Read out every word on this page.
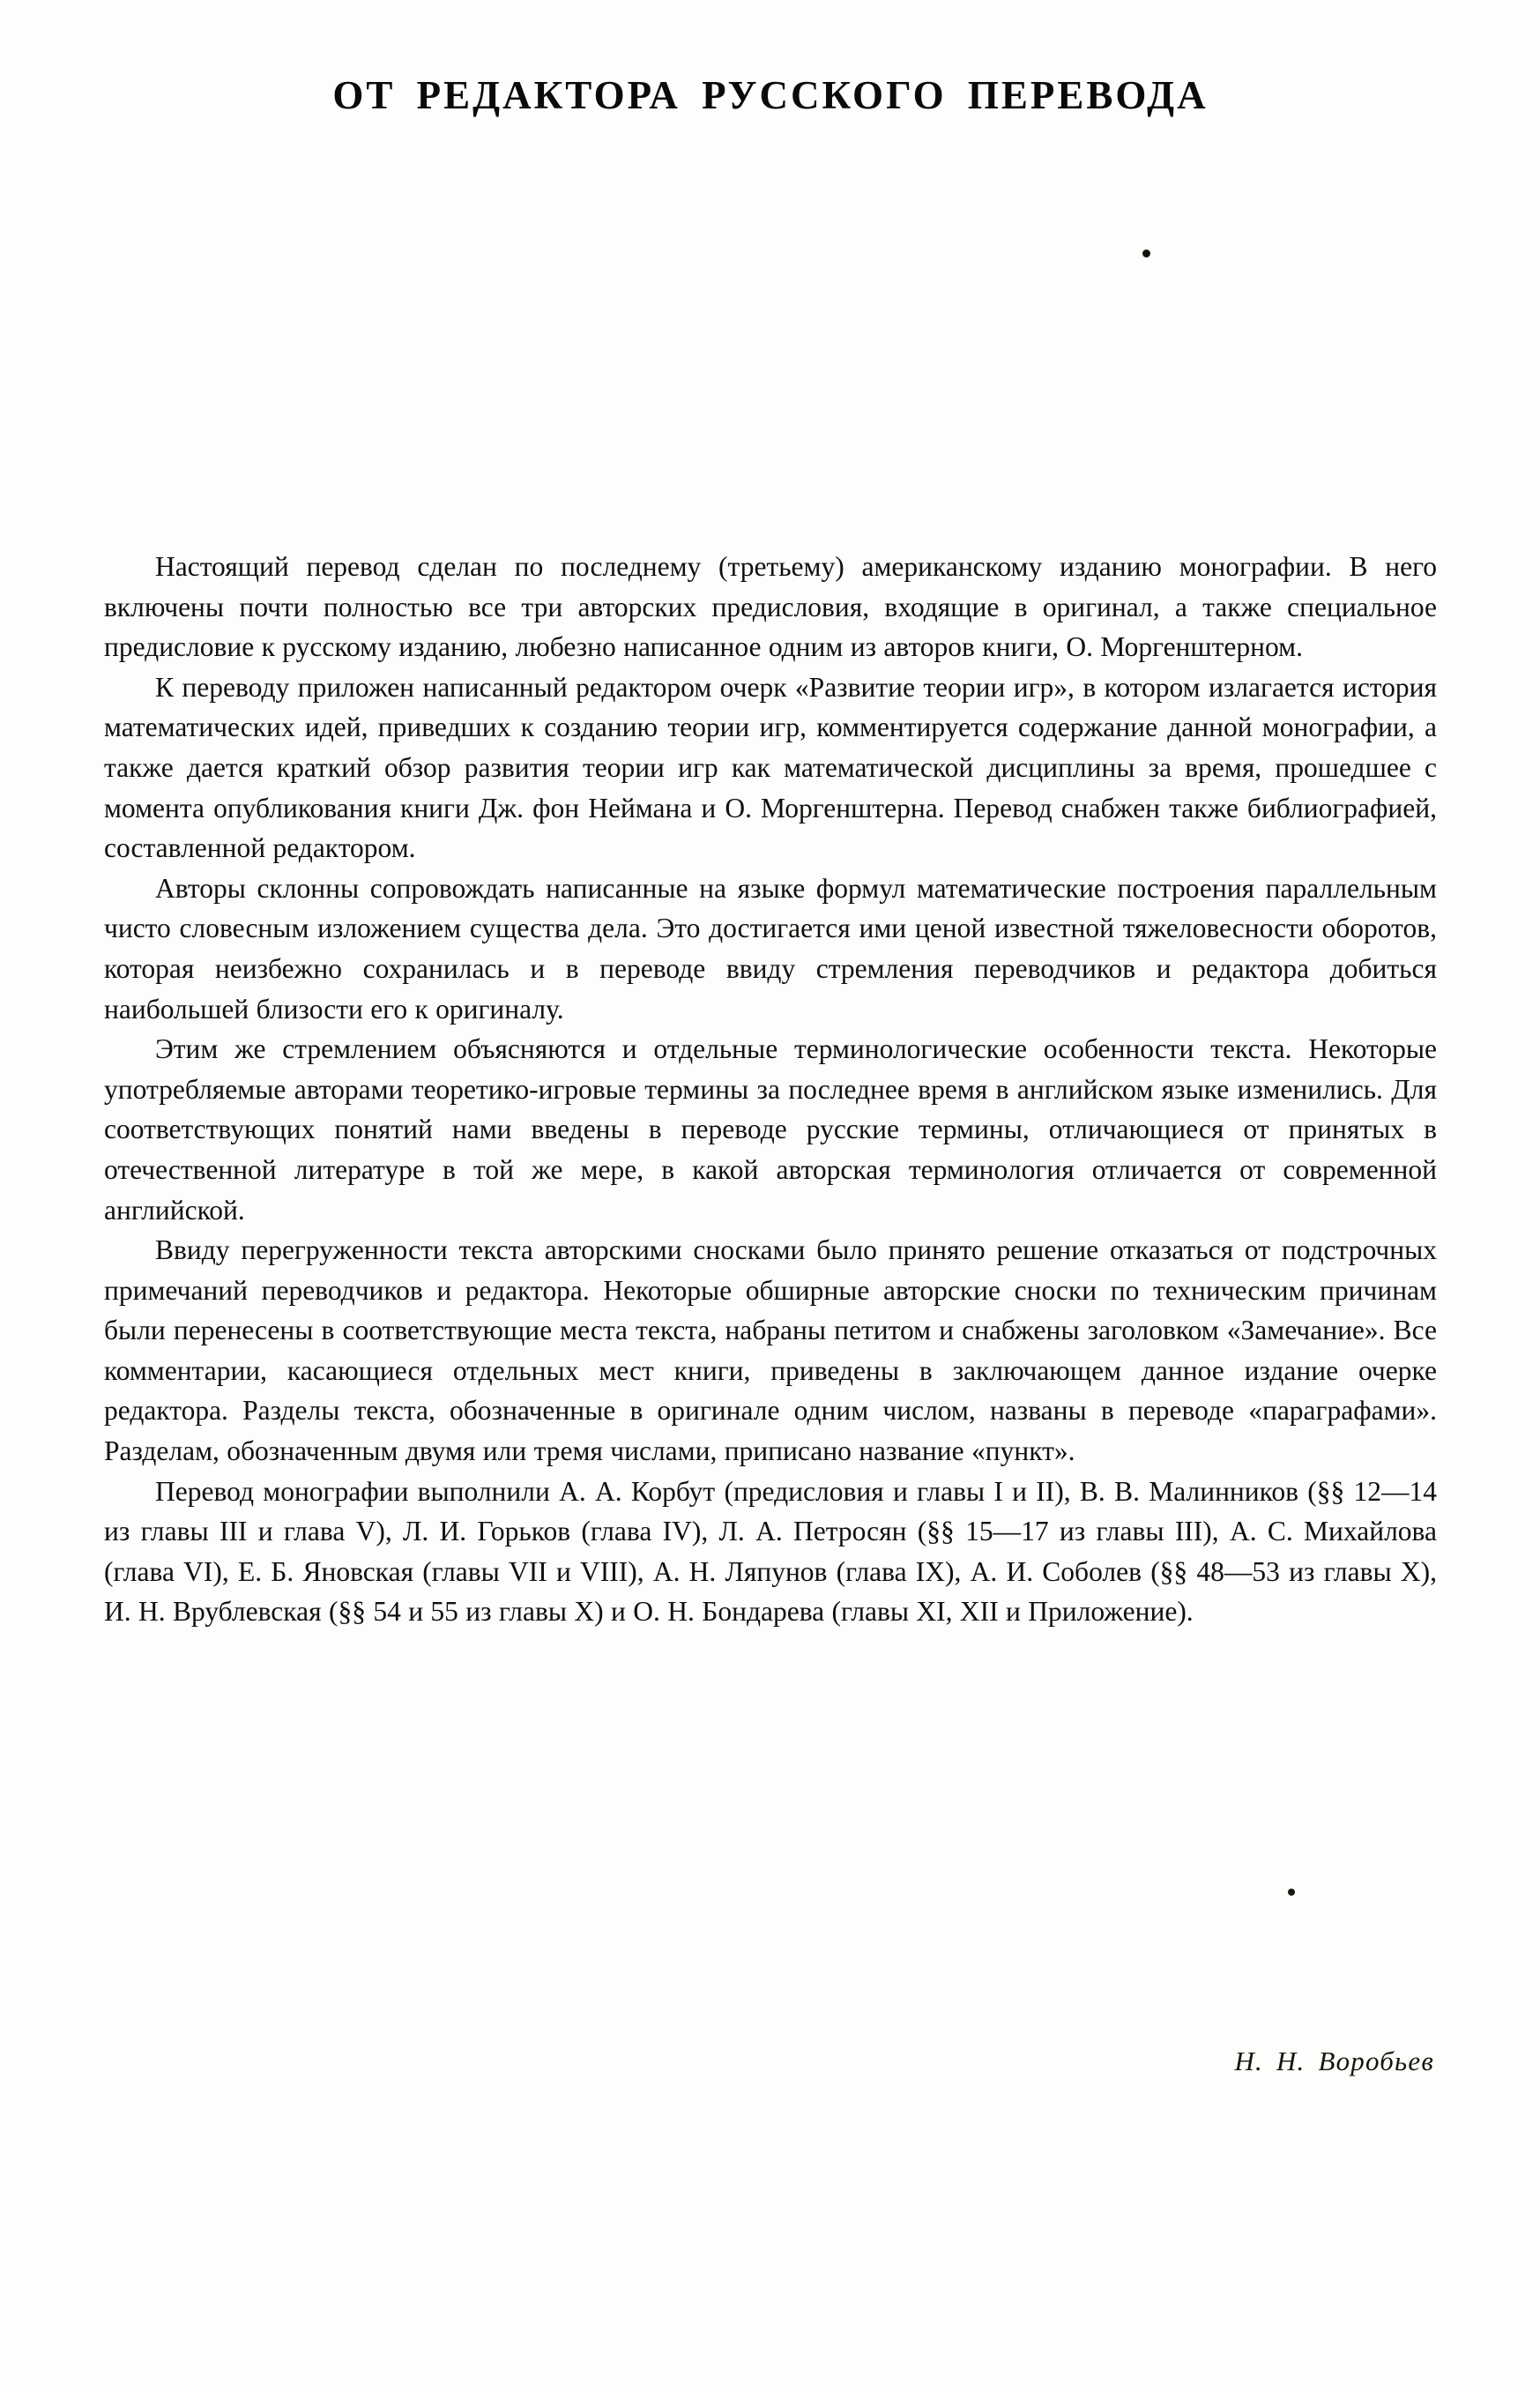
ОТ РЕДАКТОРА РУССКОГО ПЕРЕВОДА

Настоящий перевод сделан по последнему (третьему) американскому изданию монографии. В него включены почти полностью все три авторских предисловия, входящие в оригинал, а также специальное предисловие к русскому изданию, любезно написанное одним из авторов книги, О. Моргенштерном.

К переводу приложен написанный редактором очерк «Развитие теории игр», в котором излагается история математических идей, приведших к созданию теории игр, комментируется содержание данной монографии, а также дается краткий обзор развития теории игр как математической дисциплины за время, прошедшее с момента опубликования книги Дж. фон Неймана и О. Моргенштерна. Перевод снабжен также библиографией, составленной редактором.

Авторы склонны сопровождать написанные на языке формул математические построения параллельным чисто словесным изложением существа дела. Это достигается ими ценой известной тяжеловесности оборотов, которая неизбежно сохранилась и в переводе ввиду стремления переводчиков и редактора добиться наибольшей близости его к оригиналу.

Этим же стремлением объясняются и отдельные терминологические особенности текста. Некоторые употребляемые авторами теоретико-игровые термины за последнее время в английском языке изменились. Для соответствующих понятий нами введены в переводе русские термины, отличающиеся от принятых в отечественной литературе в той же мере, в какой авторская терминология отличается от современной английской.

Ввиду перегруженности текста авторскими сносками было принято решение отказаться от подстрочных примечаний переводчиков и редактора. Некоторые обширные авторские сноски по техническим причинам были перенесены в соответствующие места текста, набраны петитом и снабжены заголовком «Замечание». Все комментарии, касающиеся отдельных мест книги, приведены в заключающем данное издание очерке редактора. Разделы текста, обозначенные в оригинале одним числом, названы в переводе «параграфами». Разделам, обозначенным двумя или тремя числами, приписано название «пункт».

Перевод монографии выполнили А. А. Корбут (предисловия и главы I и II), В. В. Малинников (§§ 12—14 из главы III и глава V), Л. И. Горьков (глава IV), Л. А. Петросян (§§ 15—17 из главы III), А. С. Михайлова (глава VI), Е. Б. Яновская (главы VII и VIII), А. Н. Ляпунов (глава IX), А. И. Соболев (§§ 48—53 из главы X), И. Н. Врублевская (§§ 54 и 55 из главы X) и О. Н. Бондарева (главы XI, XII и Приложение).

Н. Н. Воробьев
